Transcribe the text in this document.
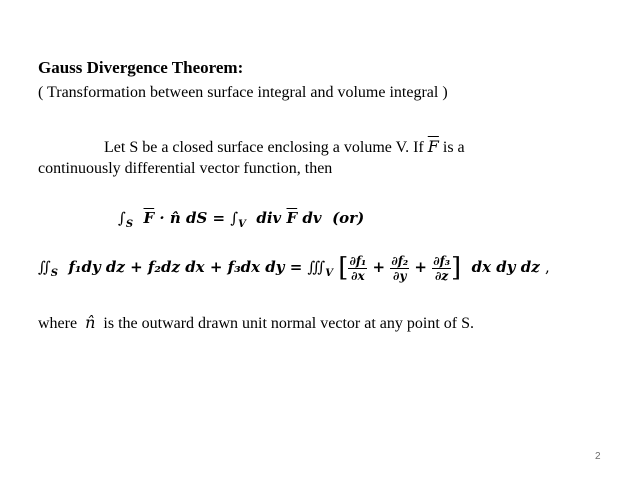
Gauss Divergence Theorem:
( Transformation between surface integral and volume integral )
Let S be a closed surface enclosing a volume V. If $\overline{F}$ is a
continuously differential vector function, then
$\int_S$ $\overline{F}$ · n̂ dS = $\int_V$ div $\overline{F}$ dv (or)
$∬_S$ f₁dy dz + f₂dz dx + f₃dx dy = $∭_V$ [ $\frac{\text{∂f₁}}{\partial x} + \frac{\text{∂f₂}}{\partial y} + \frac{\text{∂f₃}}{\partial z}$ ] dx dy dz ,
where n̂ is the outward drawn unit normal vector at any point of S.
2
